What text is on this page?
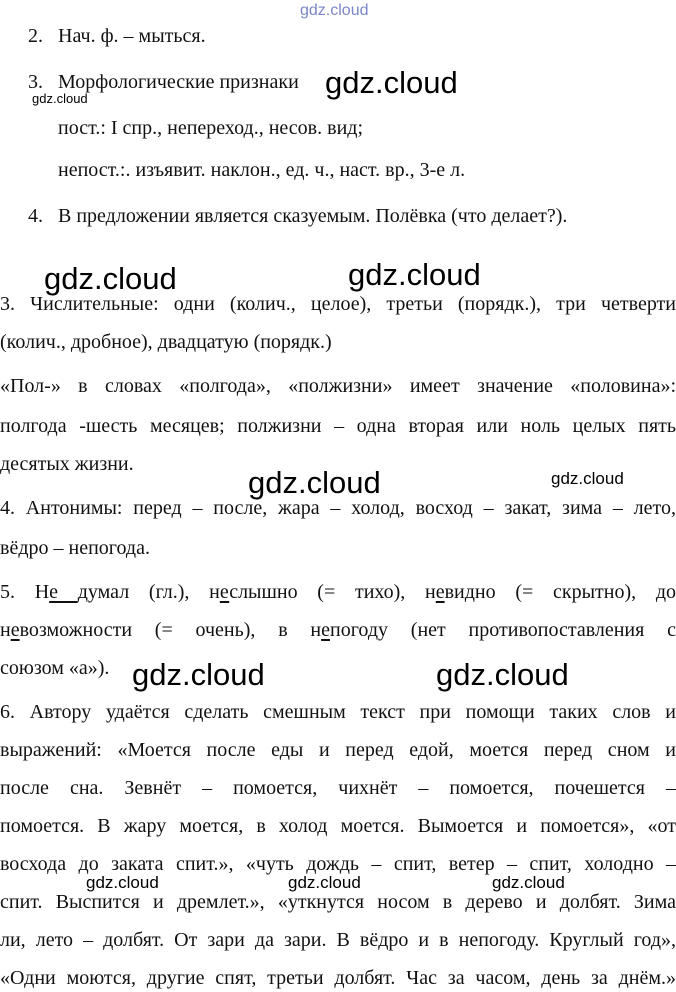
gdz.cloud
2. Нач. ф. – мыться.
3. Морфологические признаки gdz.cloud
gdz.cloud
пост.: I спр., непереход., несов. вид;
непост.:. изъявит. наклон., ед. ч., наст. вр., 3-е л.
4. В предложении является сказуемым. Полёвка (что делает?).
gdz.cloud	gdz.cloud
3. Числительные: одни (колич., целое), третьи (порядк.), три четверти
(колич., дробное), двадцатую (порядк.)
«Пол-» в словах «полгода», «полжизни» имеет значение «половина»:
полгода -шесть месяцев; полжизни – одна вторая или ноль целых пять
десятых жизни.
gdz.cloud
gdz.cloud
4. Антонимы: перед – после, жара – холод, восход – закат, зима – лето,
вёдро – непогода.
5. Не думал (гл.), неслышно (= тихо), невидно (= скрытно), до
невозможности (= очень), в непогоду (нет противопоставления с
союзом «а»). gdz.cloud	gdz.cloud
6. Автору удаётся сделать смешным текст при помощи таких слов и
выражений: «Моется после еды и перед едой, моется перед сном и
после сна. Зевнёт – помоется, чихнёт – помоется, почешется –
помоется. В жару моется, в холод моется. Вымоется и помоется», «от
восхода до заката спит.», «чуть дождь – спит, ветер – спит, холодно –
gdz.cloud	gdz.cloud	gdz.cloud
спит. Выспится и дремлет.», «уткнутся носом в дерево и долбят. Зима
ли, лето – долбят. От зари да зари. В вёдро и в непогоду. Круглый год»,
«Одни моются, другие спят, третьи долбят. Час за часом, день за днём.»
